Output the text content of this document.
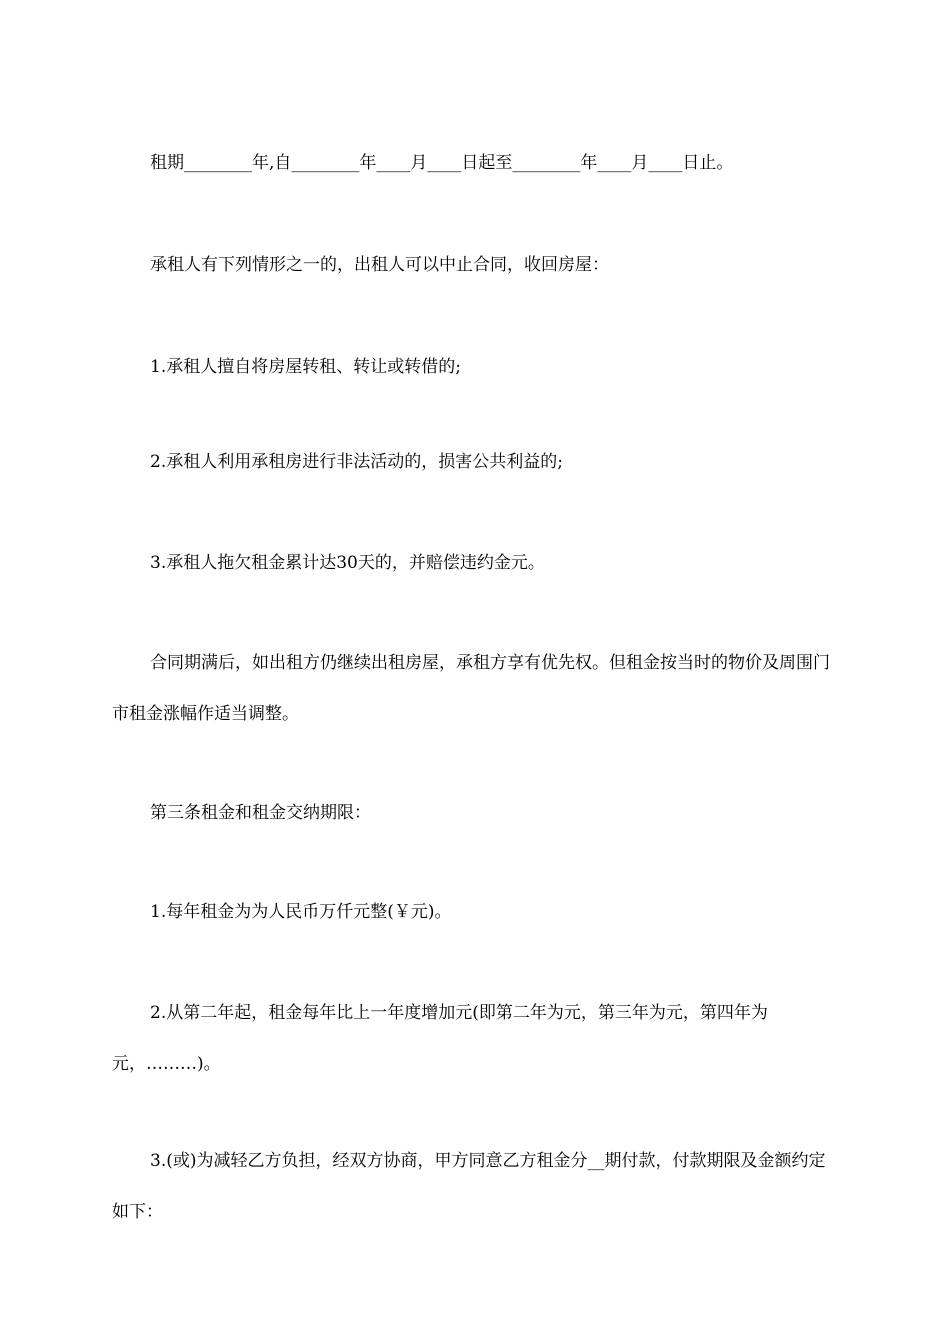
租期________年,自________年____月____日起至________年____月____日止。

承租人有下列情形之一的，出租人可以中止合同，收回房屋：

1.承租人擅自将房屋转租、转让或转借的;

2.承租人利用承租房进行非法活动的，损害公共利益的;

3.承租人拖欠租金累计达30天的，并赔偿违约金元。

合同期满后，如出租方仍继续出租房屋，承租方享有优先权。但租金按当时的物价及周围门市租金涨幅作适当调整。

第三条租金和租金交纳期限：

1.每年租金为为人民币万仟元整(￥元)。

2.从第二年起，租金每年比上一年度增加元(即第二年为元，第三年为元，第四年为元，………)。

3.(或)为减轻乙方负担，经双方协商，甲方同意乙方租金分__期付款，付款期限及金额约定如下：
